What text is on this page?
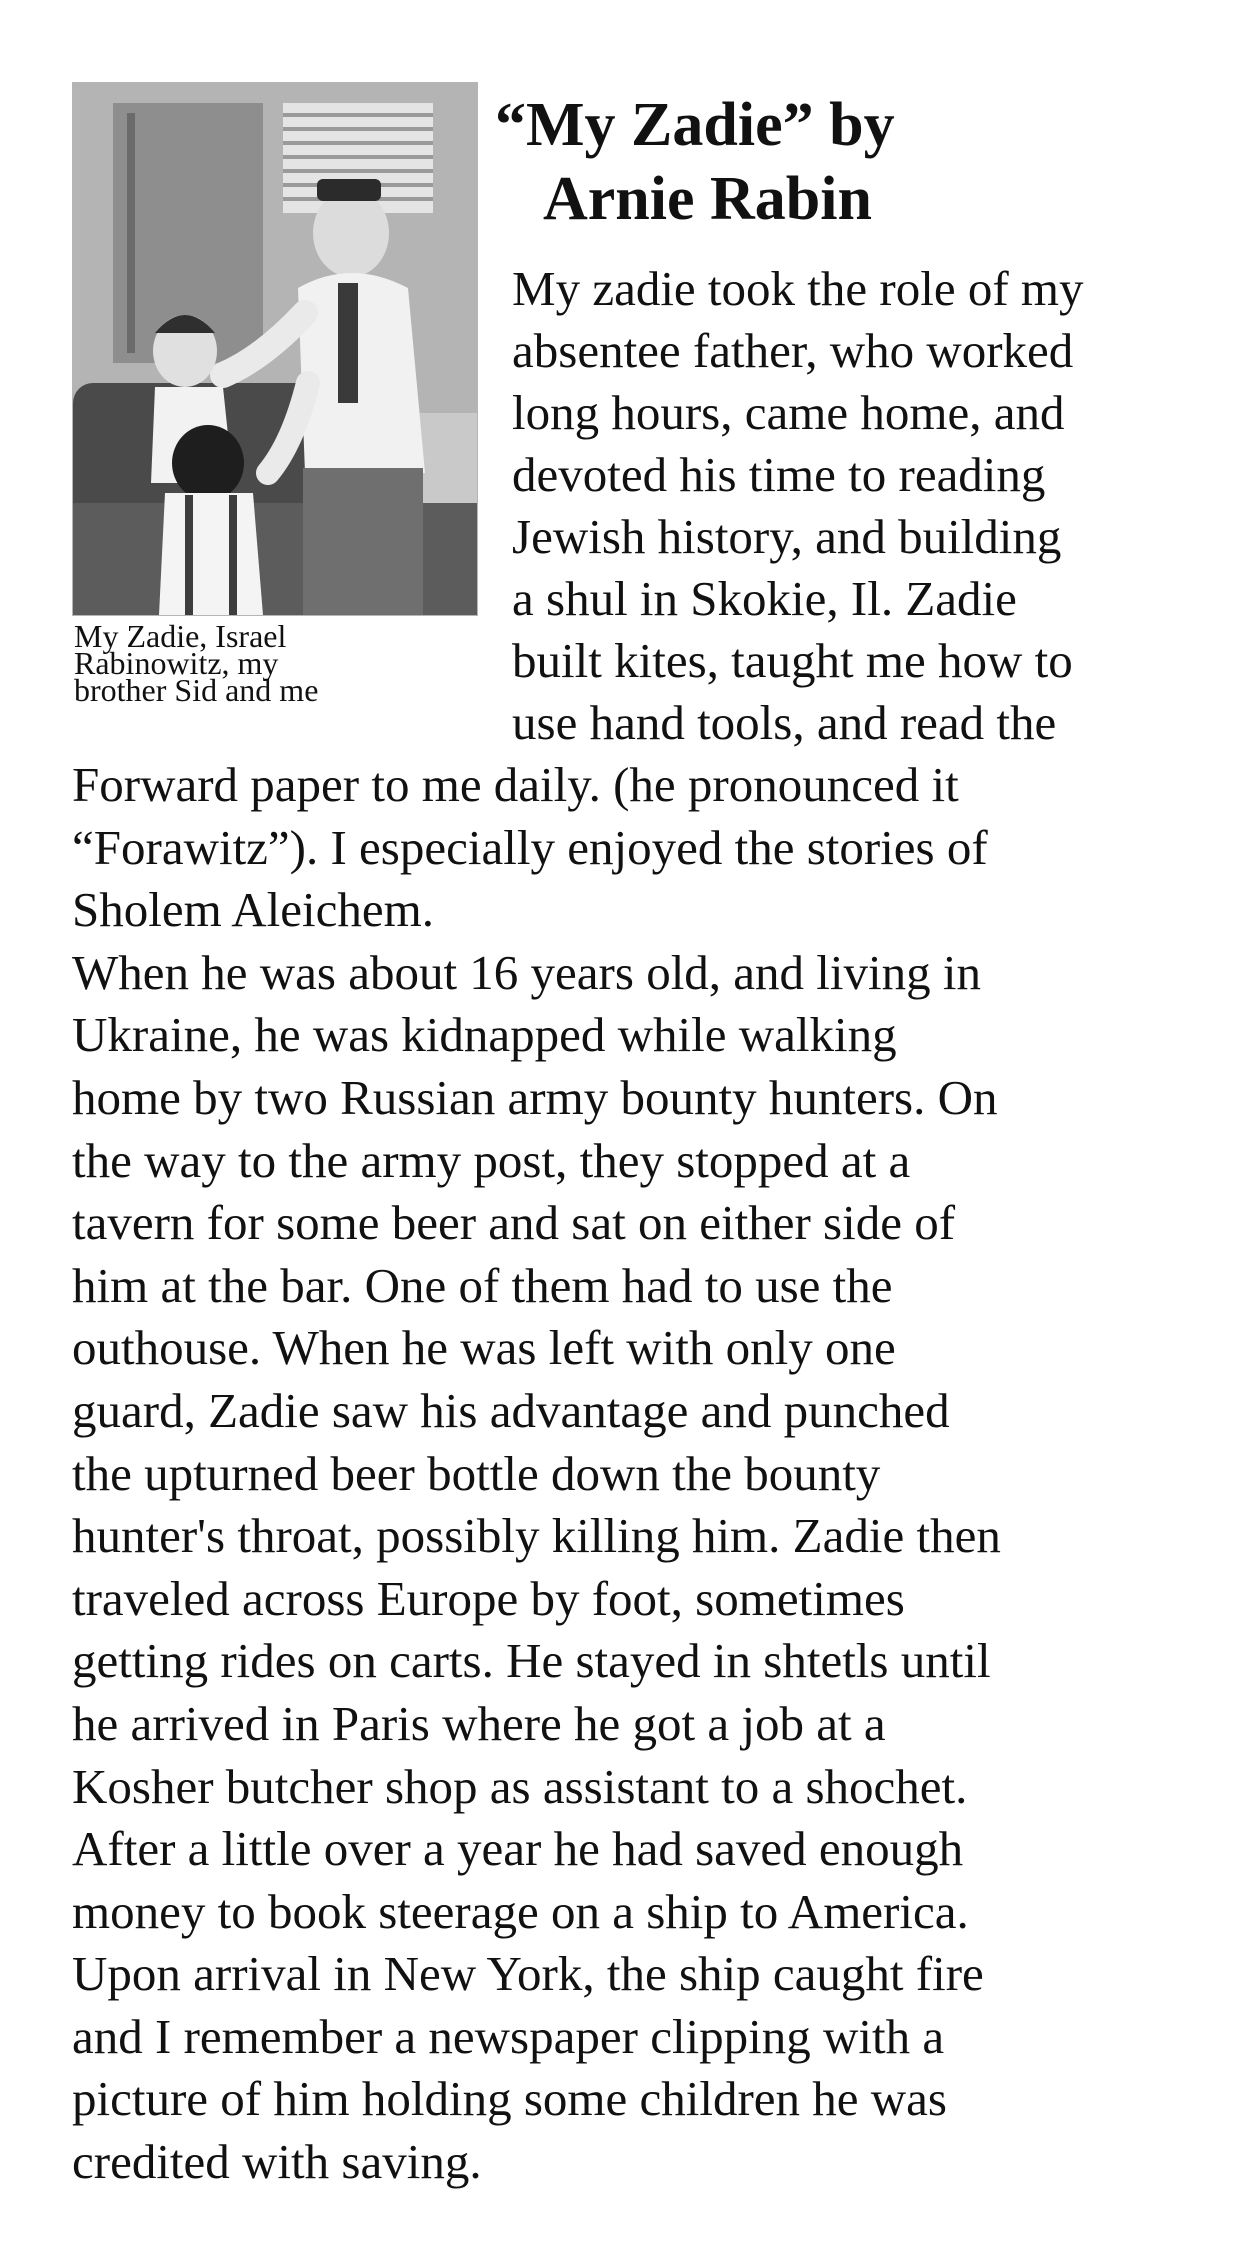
My Zadie, Israel
Rabinowitz, my
brother Sid and me
“My Zadie” by
Arnie Rabin
My zadie took the role of my
absentee father, who worked
long hours, came home, and
devoted his time to reading
Jewish history, and building
a shul in Skokie, Il. Zadie
built kites, taught me how to
use hand tools, and read the
Forward paper to me daily. (he pronounced it
“Forawitz”). I especially enjoyed the stories of
Sholem Aleichem.
When he was about 16 years old, and living in
Ukraine, he was kidnapped while walking
home by two Russian army bounty hunters. On
the way to the army post, they stopped at a
tavern for some beer and sat on either side of
him at the bar. One of them had to use the
outhouse. When he was left with only one
guard, Zadie saw his advantage and punched
the upturned beer bottle down the bounty
hunter's throat, possibly killing him. Zadie then
traveled across Europe by foot, sometimes
getting rides on carts. He stayed in shtetls until
he arrived in Paris where he got a job at a
Kosher butcher shop as assistant to a shochet.
After a little over a year he had saved enough
money to book steerage on a ship to America.
Upon arrival in New York, the ship caught fire
and I remember a newspaper clipping with a
picture of him holding some children he was
credited with saving.
